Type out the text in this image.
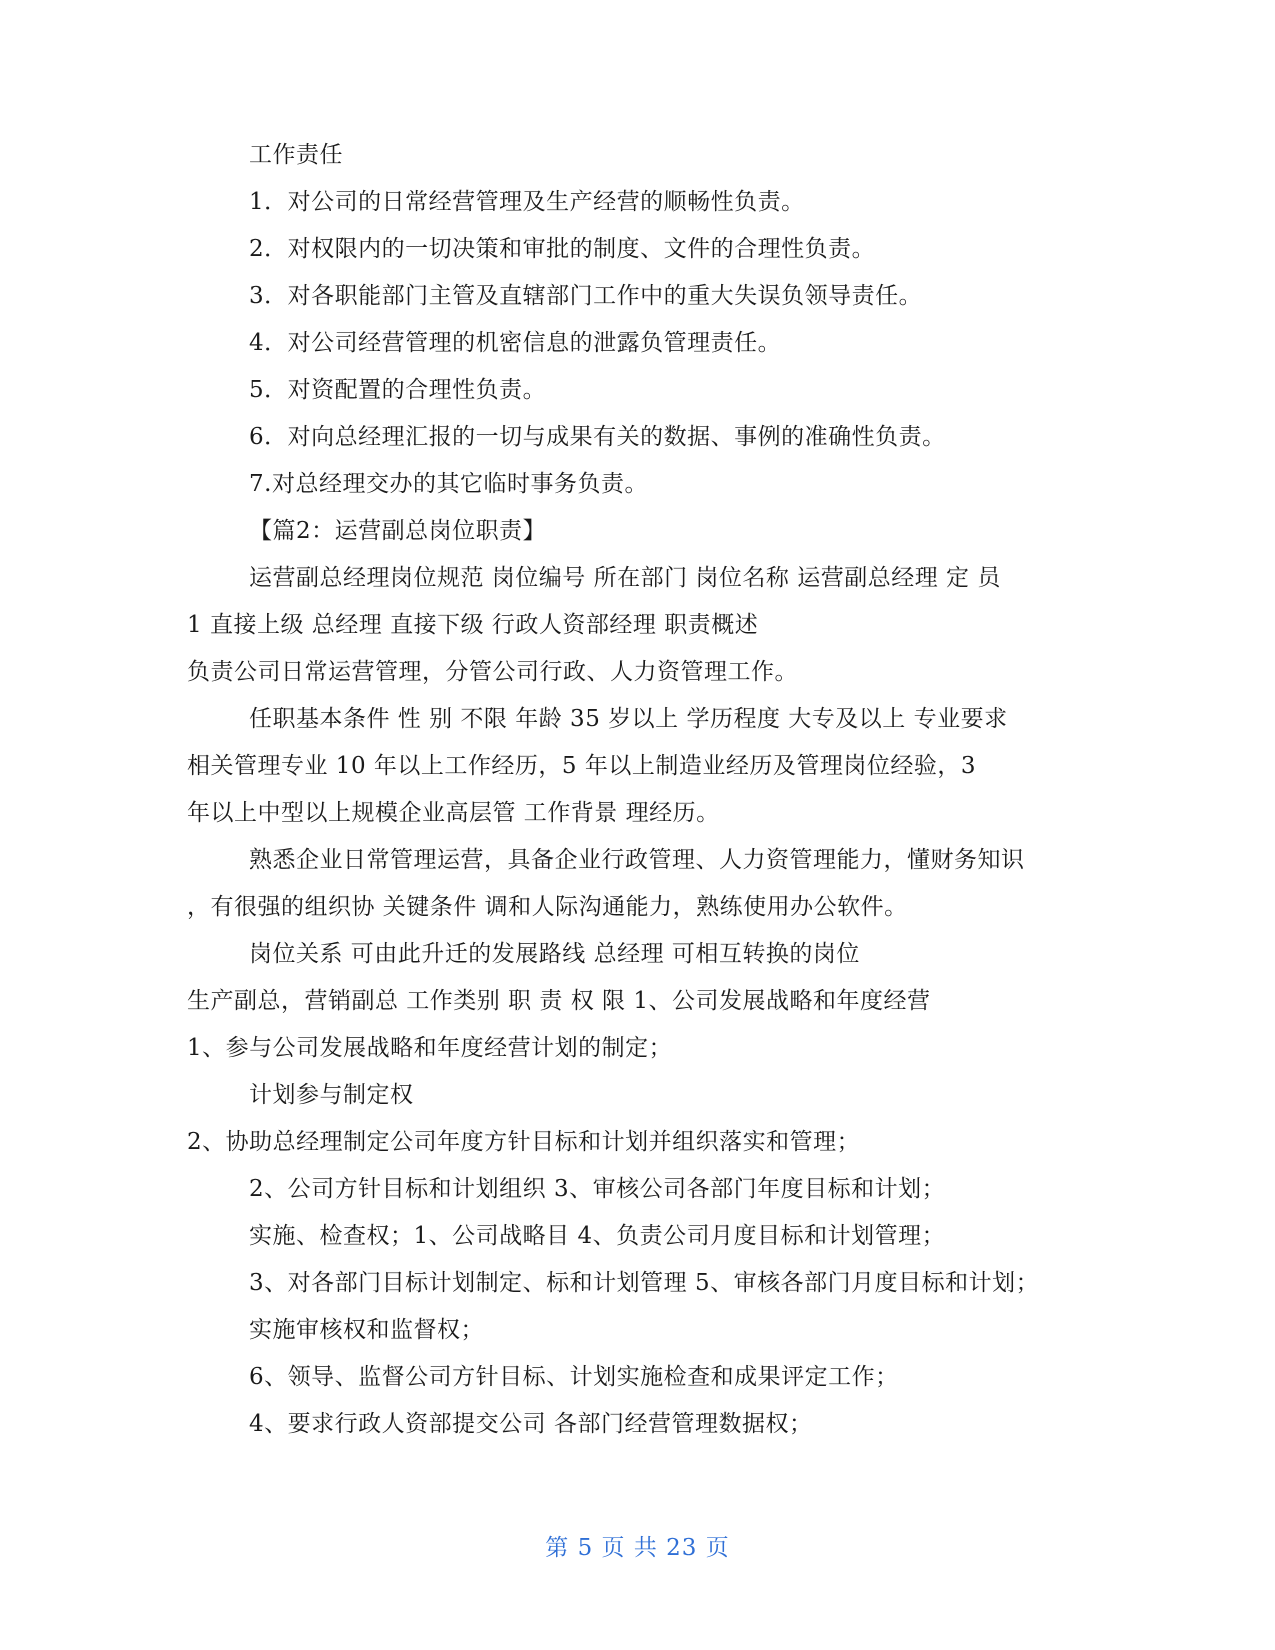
工作责任
1．对公司的日常经营管理及生产经营的顺畅性负责。
2．对权限内的一切决策和审批的制度、文件的合理性负责。
3．对各职能部门主管及直辖部门工作中的重大失误负领导责任。
4．对公司经营管理的机密信息的泄露负管理责任。
5．对资配置的合理性负责。
6．对向总经理汇报的一切与成果有关的数据、事例的准确性负责。
7.对总经理交办的其它临时事务负责。
【篇2：运营副总岗位职责】
运营副总经理岗位规范 岗位编号 所在部门 岗位名称 运营副总经理 定 员
1 直接上级 总经理 直接下级 行政人资部经理 职责概述
负责公司日常运营管理，分管公司行政、人力资管理工作。
任职基本条件 性 别 不限 年龄 35 岁以上 学历程度 大专及以上 专业要求
相关管理专业 10 年以上工作经历，5 年以上制造业经历及管理岗位经验，3
年以上中型以上规模企业高层管 工作背景 理经历。
熟悉企业日常管理运营，具备企业行政管理、人力资管理能力，懂财务知识
，有很强的组织协 关键条件 调和人际沟通能力，熟练使用办公软件。
岗位关系 可由此升迁的发展路线 总经理 可相互转换的岗位
生产副总，营销副总 工作类别 职 责 权 限 1、公司发展战略和年度经营
1、参与公司发展战略和年度经营计划的制定；
计划参与制定权
2、协助总经理制定公司年度方针目标和计划并组织落实和管理；
2、公司方针目标和计划组织 3、审核公司各部门年度目标和计划；
实施、检查权；1、公司战略目 4、负责公司月度目标和计划管理；
3、对各部门目标计划制定、标和计划管理 5、审核各部门月度目标和计划；
实施审核权和监督权；
6、领导、监督公司方针目标、计划实施检查和成果评定工作；
4、要求行政人资部提交公司 各部门经营管理数据权；
第 5 页 共 23 页
